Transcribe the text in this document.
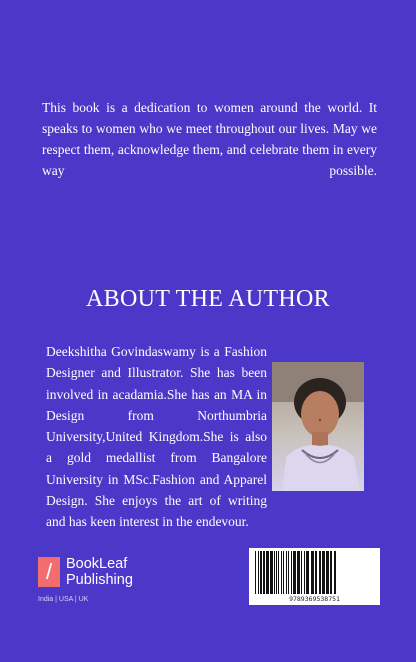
This book is a dedication to women around the world. It speaks to women who we meet throughout our lives. May we respect them, acknowledge them, and celebrate them in every way possible.

ABOUT THE AUTHOR

Deekshitha Govindaswamy is a Fashion Designer and Illustrator. She has been involved in acadamia.She has an MA in Design from Northumbria University,United Kingdom.She is also a gold medallist from Bangalore University in MSc.Fashion and Apparel Design. She enjoys the art of writing and has keen interest in the endevour.

/ BookLeaf
Publishing
India | USA | UK	9789369538751
